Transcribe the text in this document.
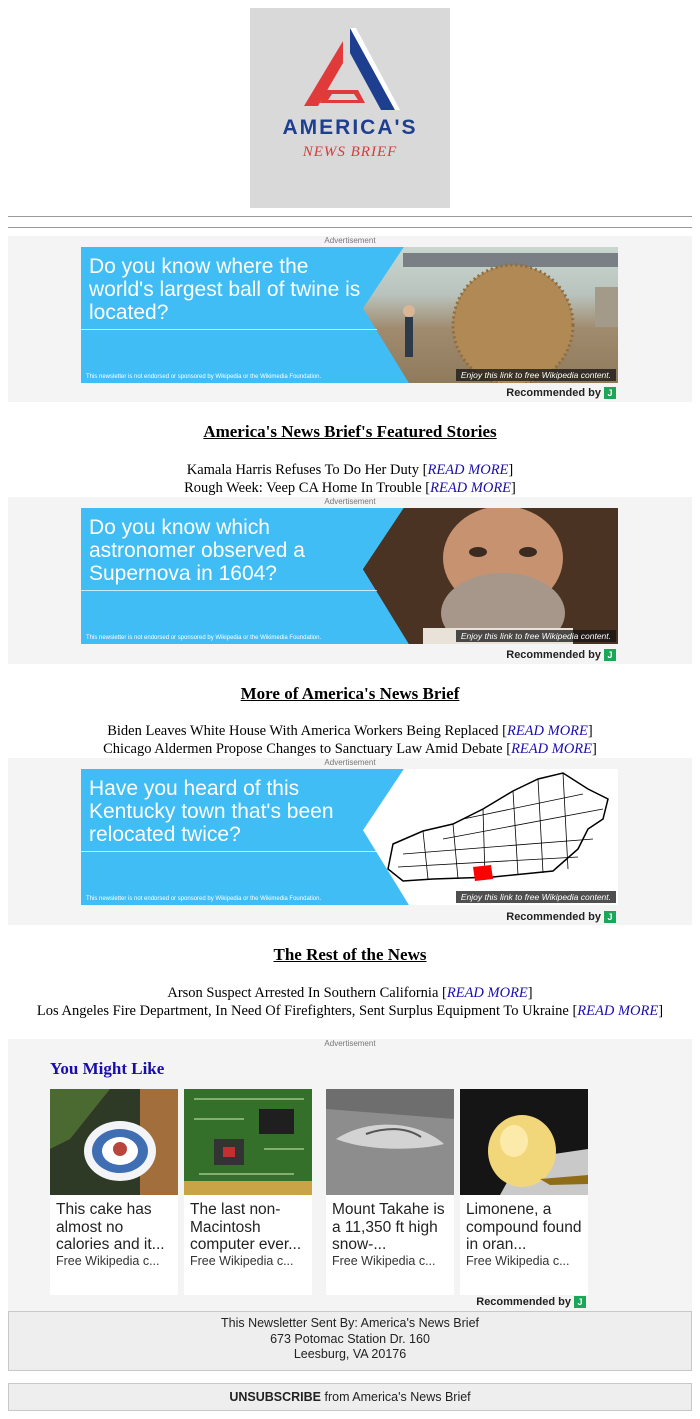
AMERICA'S
NEWS BRIEF
Advertisement
Do you know where the world's largest ball of twine is located?
This newsletter is not endorsed or sponsored by Wikipedia or the Wikimedia Foundation.	Enjoy this link to free Wikipedia content.
Recommended by J
America's News Brief's Featured Stories
Kamala Harris Refuses To Do Her Duty [READ MORE]
Rough Week: Veep CA Home In Trouble [READ MORE]
Advertisement
Do you know which astronomer observed a Supernova in 1604?
This newsletter is not endorsed or sponsored by Wikipedia or the Wikimedia Foundation.	Enjoy this link to free Wikipedia content.
Recommended by J
More of America's News Brief
Biden Leaves White House With America Workers Being Replaced [READ MORE]
Chicago Aldermen Propose Changes to Sanctuary Law Amid Debate [READ MORE]
Advertisement
Have you heard of this Kentucky town that's been relocated twice?
This newsletter is not endorsed or sponsored by Wikipedia or the Wikimedia Foundation.	Enjoy this link to free Wikipedia content.
Recommended by J
The Rest of the News
Arson Suspect Arrested In Southern California [READ MORE]
Los Angeles Fire Department, In Need Of Firefighters, Sent Surplus Equipment To Ukraine [READ MORE]
Advertisement
You Might Like
This cake has almost no calories and it...
Free Wikipedia c...
The last non-Macintosh computer ever...
Free Wikipedia c...
Mount Takahe is a 11,350 ft high snow-...
Free Wikipedia c...
Limonene, a compound found in oran...
Free Wikipedia c...
Recommended by J
This Newsletter Sent By: America's News Brief
673 Potomac Station Dr. 160
Leesburg, VA 20176
UNSUBSCRIBE from America's News Brief
